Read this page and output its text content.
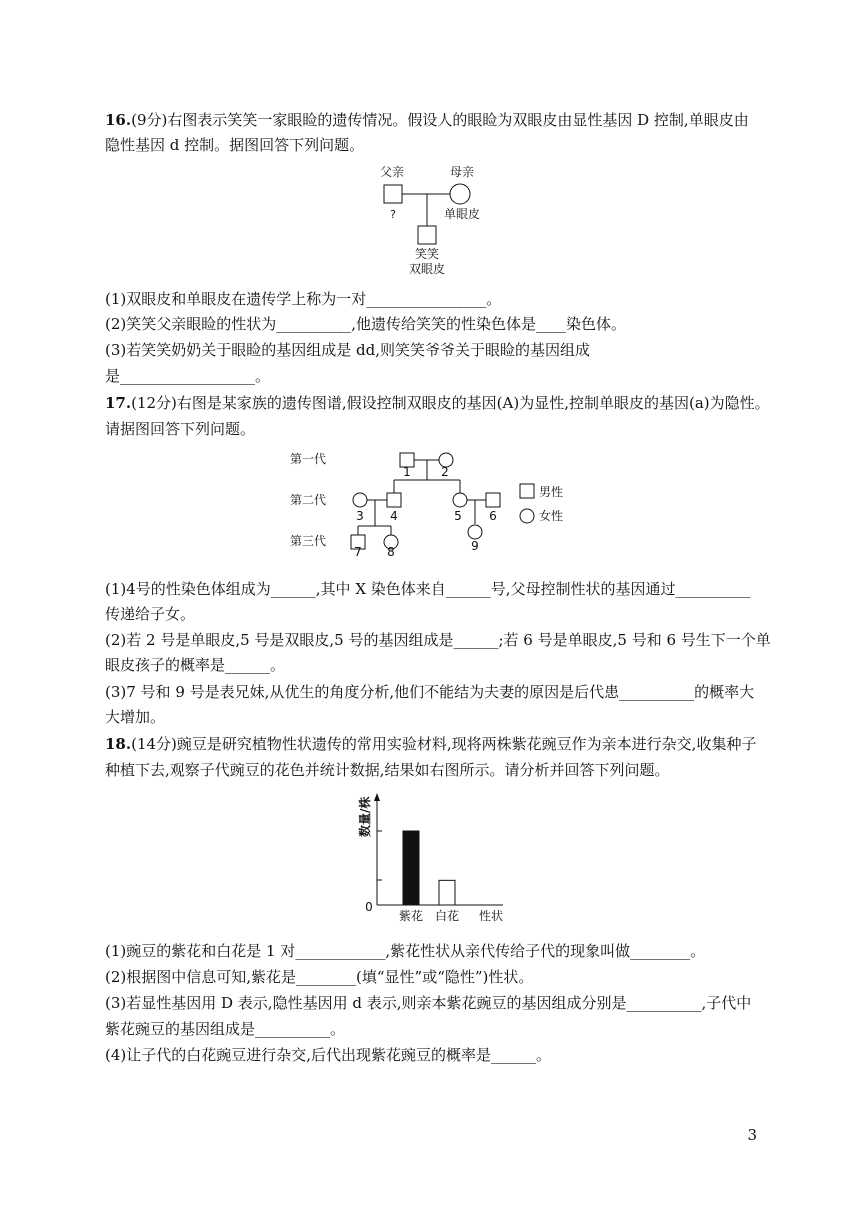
16.(9分)右图表示笑笑一家眼睑的遗传情况。假设人的眼睑为双眼皮由显性基因 D 控制,单眼皮由
隐性基因 d 控制。据图回答下列问题。
父亲	母亲
?	单眼皮
笑笑
双眼皮
(1)双眼皮和单眼皮在遗传学上称为一对________________。
(2)笑笑父亲眼睑的性状为__________,他遗传给笑笑的性染色体是____染色体。
(3)若笑笑奶奶关于眼睑的基因组成是 dd,则笑笑爷爷关于眼睑的基因组成
是__________________。
17.(12分)右图是某家族的遗传图谱,假设控制双眼皮的基因(A)为显性,控制单眼皮的基因(a)为隐性。
请据图回答下列问题。
第一代
第二代
第三代
1	2
3 4	5 6
7 8	9
男性
女性
(1)4号的性染色体组成为______,其中 X 染色体来自______号,父母控制性状的基因通过__________
传递给子女。
(2)若 2 号是单眼皮,5 号是双眼皮,5 号的基因组成是______;若 6 号是单眼皮,5 号和 6 号生下一个单
眼皮孩子的概率是______。
(3)7 号和 9 号是表兄妹,从优生的角度分析,他们不能结为夫妻的原因是后代患__________的概率大
大增加。
18.(14分)豌豆是研究植物性状遗传的常用实验材料,现将两株紫花豌豆作为亲本进行杂交,收集种子
种植下去,观察子代豌豆的花色并统计数据,结果如右图所示。请分析并回答下列问题。
0
数量/株
性状
紫花 白花
(1)豌豆的紫花和白花是 1 对____________,紫花性状从亲代传给子代的现象叫做________。
(2)根据图中信息可知,紫花是________(填“显性”或“隐性”)性状。
(3)若显性基因用 D 表示,隐性基因用 d 表示,则亲本紫花豌豆的基因组成分别是__________,子代中
紫花豌豆的基因组成是__________。
(4)让子代的白花豌豆进行杂交,后代出现紫花豌豆的概率是______。
3
